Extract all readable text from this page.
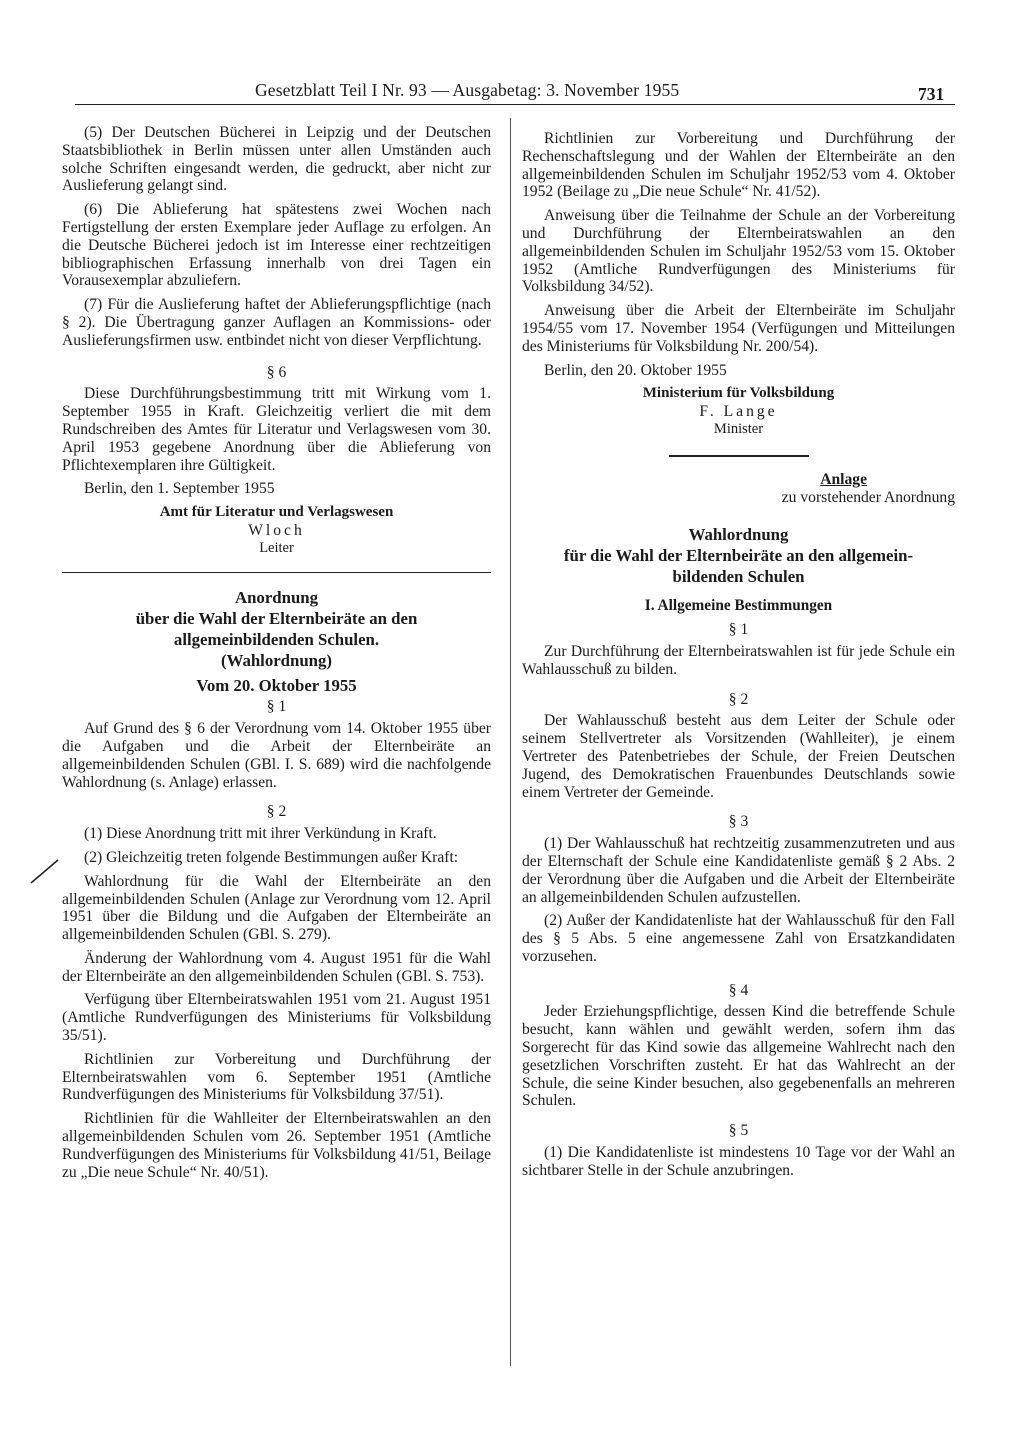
Gesetzblatt Teil I Nr. 93 — Ausgabetag: 3. November 1955	731

(5) Der Deutschen Bücherei in Leipzig und der Deutschen Staatsbibliothek in Berlin müssen unter allen Umständen auch solche Schriften eingesandt werden, die gedruckt, aber nicht zur Auslieferung gelangt sind.

(6) Die Ablieferung hat spätestens zwei Wochen nach Fertigstellung der ersten Exemplare jeder Auflage zu erfolgen. An die Deutsche Bücherei jedoch ist im Interesse einer rechtzeitigen bibliographischen Erfassung innerhalb von drei Tagen ein Vorausexemplar abzuliefern.

(7) Für die Auslieferung haftet der Ablieferungspflichtige (nach § 2). Die Übertragung ganzer Auflagen an Kommissions- oder Auslieferungsfirmen usw. entbindet nicht von dieser Verpflichtung.

§ 6

Diese Durchführungsbestimmung tritt mit Wirkung vom 1. September 1955 in Kraft. Gleichzeitig verliert die mit dem Rundschreiben des Amtes für Literatur und Verlagswesen vom 30. April 1953 gegebene Anordnung über die Ablieferung von Pflichtexemplaren ihre Gültigkeit.

Berlin, den 1. September 1955

Amt für Literatur und Verlagswesen
Wloch
Leiter
Anordnung
über die Wahl der Elternbeiräte an den
allgemeinbildenden Schulen.
(Wahlordnung)
Vom 20. Oktober 1955
§ 1

Auf Grund des § 6 der Verordnung vom 14. Oktober 1955 über die Aufgaben und die Arbeit der Elternbeiräte an allgemeinbildenden Schulen (GBl. I. S. 689) wird die nachfolgende Wahlordnung (s. Anlage) erlassen.

§ 2

(1) Diese Anordnung tritt mit ihrer Verkündung in Kraft.

(2) Gleichzeitig treten folgende Bestimmungen außer Kraft:

Wahlordnung für die Wahl der Elternbeiräte an den allgemeinbildenden Schulen (Anlage zur Verordnung vom 12. April 1951 über die Bildung und die Aufgaben der Elternbeiräte an allgemeinbildenden Schulen (GBl. S. 279).

Änderung der Wahlordnung vom 4. August 1951 für die Wahl der Elternbeiräte an den allgemeinbildenden Schulen (GBl. S. 753).

Verfügung über Elternbeiratswahlen 1951 vom 21. August 1951 (Amtliche Rundverfügungen des Ministeriums für Volksbildung 35/51).

Richtlinien zur Vorbereitung und Durchführung der Elternbeiratswahlen vom 6. September 1951 (Amtliche Rundverfügungen des Ministeriums für Volksbildung 37/51).

Richtlinien für die Wahlleiter der Elternbeiratswahlen an den allgemeinbildenden Schulen vom 26. September 1951 (Amtliche Rundverfügungen des Ministeriums für Volksbildung 41/51, Beilage zu „Die neue Schule“ Nr. 40/51).

Richtlinien zur Vorbereitung und Durchführung der Rechenschaftslegung und der Wahlen der Elternbeiräte an den allgemeinbildenden Schulen im Schuljahr 1952/53 vom 4. Oktober 1952 (Beilage zu „Die neue Schule“ Nr. 41/52).

Anweisung über die Teilnahme der Schule an der Vorbereitung und Durchführung der Elternbeiratswahlen an den allgemeinbildenden Schulen im Schuljahr 1952/53 vom 15. Oktober 1952 (Amtliche Rundverfügungen des Ministeriums für Volksbildung 34/52).

Anweisung über die Arbeit der Elternbeiräte im Schuljahr 1954/55 vom 17. November 1954 (Verfügungen und Mitteilungen des Ministeriums für Volksbildung Nr. 200/54).

Berlin, den 20. Oktober 1955

Ministerium für Volksbildung
F. Lange
Minister
Anlage
zu vorstehender Anordnung
Wahlordnung
für die Wahl der Elternbeiräte an den allgemein-
bildenden Schulen
I. Allgemeine Bestimmungen
§ 1

Zur Durchführung der Elternbeiratswahlen ist für jede Schule ein Wahlausschuß zu bilden.

§ 2

Der Wahlausschuß besteht aus dem Leiter der Schule oder seinem Stellvertreter als Vorsitzenden (Wahlleiter), je einem Vertreter des Patenbetriebes der Schule, der Freien Deutschen Jugend, des Demokratischen Frauenbundes Deutschlands sowie einem Vertreter der Gemeinde.

§ 3

(1) Der Wahlausschuß hat rechtzeitig zusammenzutreten und aus der Elternschaft der Schule eine Kandidatenliste gemäß § 2 Abs. 2 der Verordnung über die Aufgaben und die Arbeit der Elternbeiräte an allgemeinbildenden Schulen aufzustellen.

(2) Außer der Kandidatenliste hat der Wahlausschuß für den Fall des § 5 Abs. 5 eine angemessene Zahl von Ersatzkandidaten vorzusehen.

§ 4

Jeder Erziehungspflichtige, dessen Kind die betreffende Schule besucht, kann wählen und gewählt werden, sofern ihm das Sorgerecht für das Kind sowie das allgemeine Wahlrecht nach den gesetzlichen Vorschriften zusteht. Er hat das Wahlrecht an der Schule, die seine Kinder besuchen, also gegebenenfalls an mehreren Schulen.

§ 5

(1) Die Kandidatenliste ist mindestens 10 Tage vor der Wahl an sichtbarer Stelle in der Schule anzubringen.
